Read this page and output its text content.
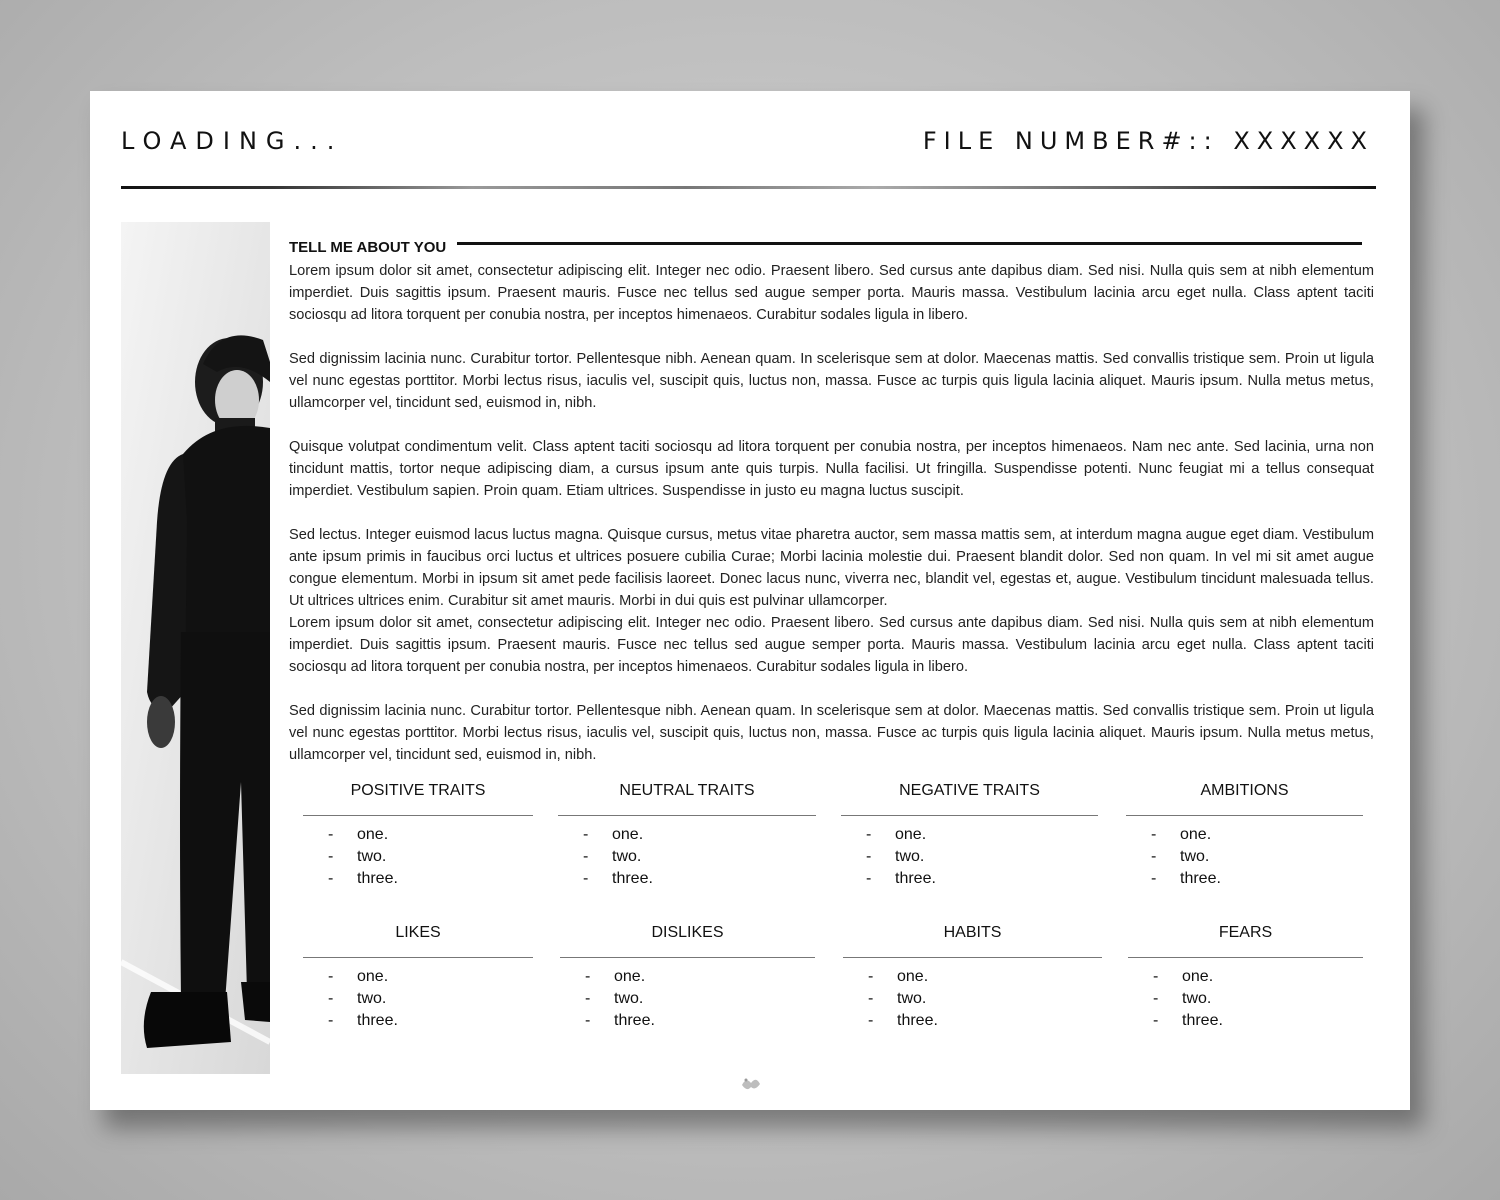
LOADING...	FILE NUMBER#:: XXXXXX
TELL ME ABOUT YOU

Lorem ipsum dolor sit amet, consectetur adipiscing elit. Integer nec odio. Praesent libero. Sed cursus ante dapibus diam. Sed nisi. Nulla quis sem at nibh elementum imperdiet. Duis sagittis ipsum. Praesent mauris. Fusce nec tellus sed augue semper porta. Mauris massa. Vestibulum lacinia arcu eget nulla. Class aptent taciti sociosqu ad litora torquent per conubia nostra, per inceptos himenaeos. Curabitur sodales ligula in libero.

Sed dignissim lacinia nunc. Curabitur tortor. Pellentesque nibh. Aenean quam. In scelerisque sem at dolor. Maecenas mattis. Sed convallis tristique sem. Proin ut ligula vel nunc egestas porttitor. Morbi lectus risus, iaculis vel, suscipit quis, luctus non, massa. Fusce ac turpis quis ligula lacinia aliquet. Mauris ipsum. Nulla metus metus, ullamcorper vel, tincidunt sed, euismod in, nibh.

Quisque volutpat condimentum velit. Class aptent taciti sociosqu ad litora torquent per conubia nostra, per inceptos himenaeos. Nam nec ante. Sed lacinia, urna non tincidunt mattis, tortor neque adipiscing diam, a cursus ipsum ante quis turpis. Nulla facilisi. Ut fringilla. Suspendisse potenti. Nunc feugiat mi a tellus consequat imperdiet. Vestibulum sapien. Proin quam. Etiam ultrices. Suspendisse in justo eu magna luctus suscipit.

Sed lectus. Integer euismod lacus luctus magna. Quisque cursus, metus vitae pharetra auctor, sem massa mattis sem, at interdum magna augue eget diam. Vestibulum ante ipsum primis in faucibus orci luctus et ultrices posuere cubilia Curae; Morbi lacinia molestie dui. Praesent blandit dolor. Sed non quam. In vel mi sit amet augue congue elementum. Morbi in ipsum sit amet pede facilisis laoreet. Donec lacus nunc, viverra nec, blandit vel, egestas et, augue. Vestibulum tincidunt malesuada tellus. Ut ultrices ultrices enim. Curabitur sit amet mauris. Morbi in dui quis est pulvinar ullamcorper.

Lorem ipsum dolor sit amet, consectetur adipiscing elit. Integer nec odio. Praesent libero. Sed cursus ante dapibus diam. Sed nisi. Nulla quis sem at nibh elementum imperdiet. Duis sagittis ipsum. Praesent mauris. Fusce nec tellus sed augue semper porta. Mauris massa. Vestibulum lacinia arcu eget nulla. Class aptent taciti sociosqu ad litora torquent per conubia nostra, per inceptos himenaeos. Curabitur sodales ligula in libero.

Sed dignissim lacinia nunc. Curabitur tortor. Pellentesque nibh. Aenean quam. In scelerisque sem at dolor. Maecenas mattis. Sed convallis tristique sem. Proin ut ligula vel nunc egestas porttitor. Morbi lectus risus, iaculis vel, suscipit quis, luctus non, massa. Fusce ac turpis quis ligula lacinia aliquet. Mauris ipsum. Nulla metus metus, ullamcorper vel, tincidunt sed, euismod in, nibh.

POSITIVE TRAITS
- one.
- two.
- three.
NEUTRAL TRAITS
- one.
- two.
- three.
NEGATIVE TRAITS
- one.
- two.
- three.
AMBITIONS
- one.
- two.
- three.
LIKES
- one.
- two.
- three.
DISLIKES
- one.
- two.
- three.
HABITS
- one.
- two.
- three.
FEARS
- one.
- two.
- three.
